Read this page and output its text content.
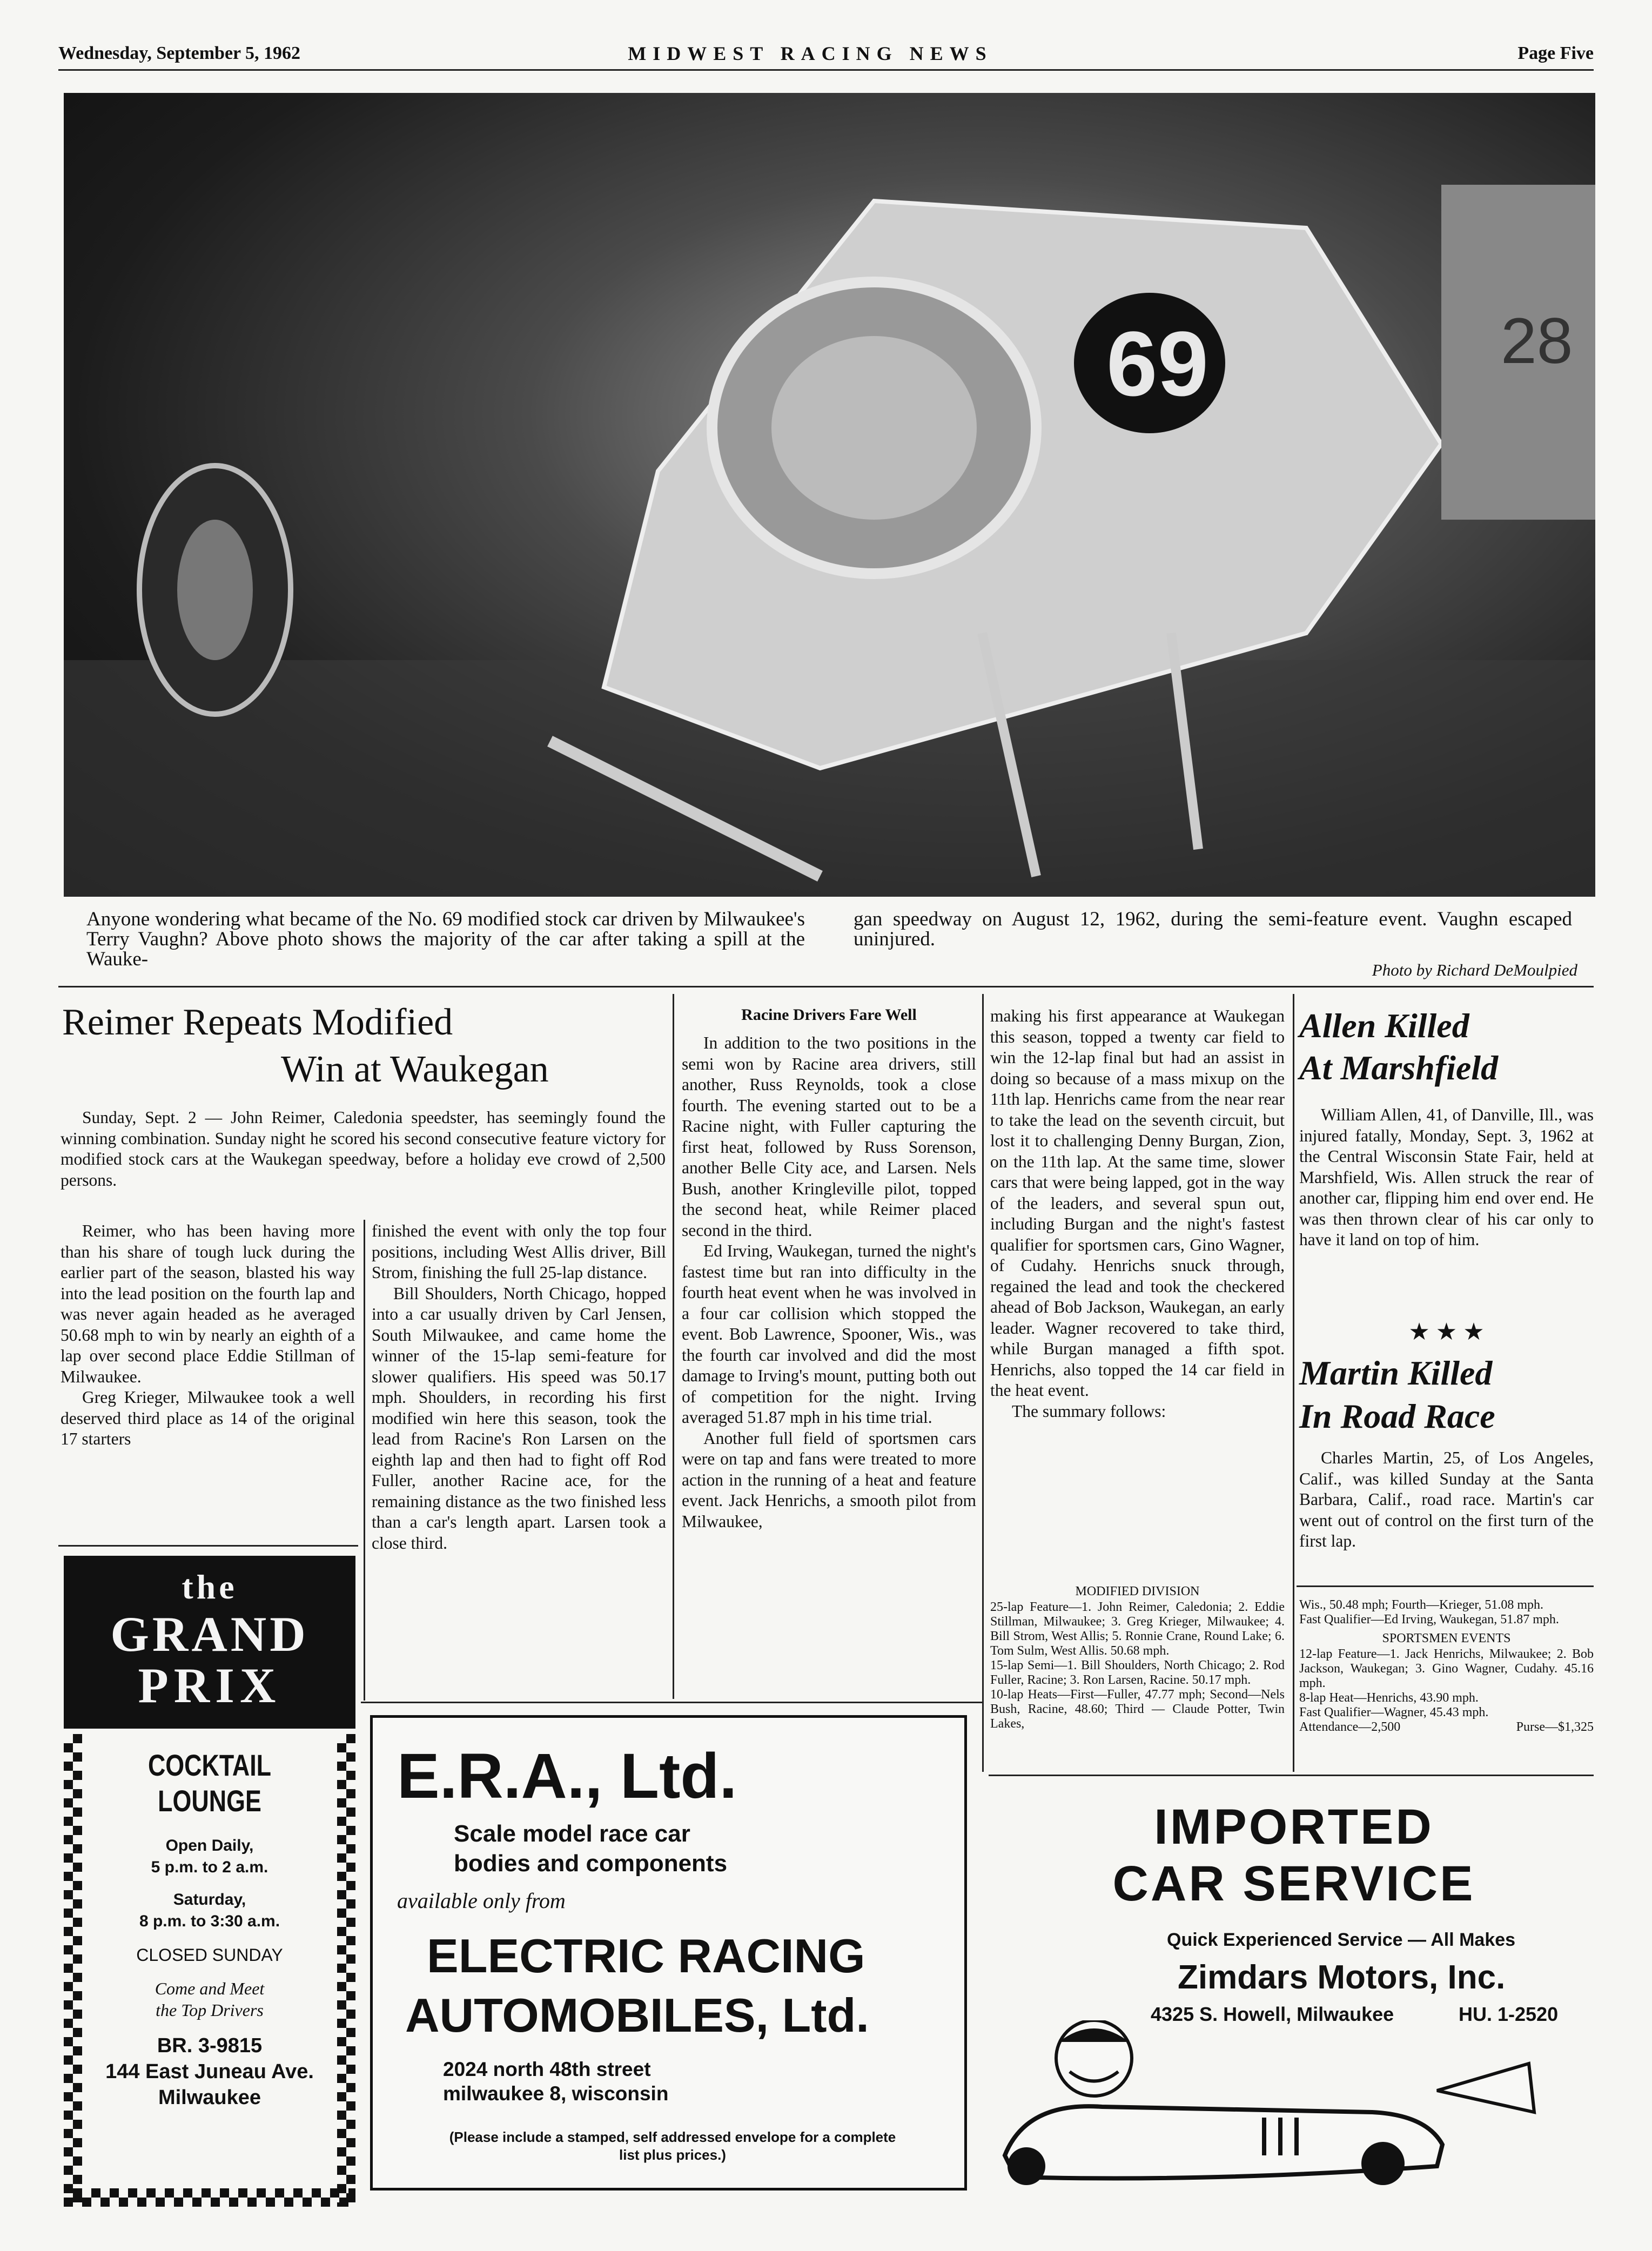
Wednesday, September 5, 1962	MIDWEST RACING NEWS	Page Five
69	28
Anyone wondering what became of the No. 69 modified stock car driven by Milwaukee's Terry Vaughn? Above photo shows the majority of the car after taking a spill at the Wauke-
gan speedway on August 12, 1962, during the semi-feature event. Vaughn escaped uninjured.
Photo by Richard DeMoulpied
Reimer Repeats Modified
Win at Waukegan

Sunday, Sept. 2 — John Reimer, Caledonia speedster, has seemingly found the winning combination. Sunday night he scored his second consecutive feature victory for modified stock cars at the Waukegan speedway, before a holiday eve crowd of 2,500 persons.

Reimer, who has been having more than his share of tough luck during the earlier part of the season, blasted his way into the lead position on the fourth lap and was never again headed as he averaged 50.68 mph to win by nearly an eighth of a lap over second place Eddie Stillman of Milwaukee.

Greg Krieger, Milwaukee took a well deserved third place as 14 of the original 17 starters

finished the event with only the top four positions, including West Allis driver, Bill Strom, finishing the full 25-lap distance.

Bill Shoulders, North Chicago, hopped into a car usually driven by Carl Jensen, South Milwaukee, and came home the winner of the 15-lap semi-feature for slower qualifiers. His speed was 50.17 mph. Shoulders, in recording his first modified win here this season, took the lead from Racine's Ron Larsen on the eighth lap and then had to fight off Rod Fuller, another Racine ace, for the remaining distance as the two finished less than a car's length apart. Larsen took a close third.

Racine Drivers Fare Well

In addition to the two positions in the semi won by Racine area drivers, still another, Russ Reynolds, took a close fourth. The evening started out to be a Racine night, with Fuller capturing the first heat, followed by Russ Sorenson, another Belle City ace, and Larsen. Nels Bush, another Kringleville pilot, topped the second heat, while Reimer placed second in the third.

Ed Irving, Waukegan, turned the night's fastest time but ran into difficulty in the fourth heat event when he was involved in a four car collision which stopped the event. Bob Lawrence, Spooner, Wis., was the fourth car involved and did the most damage to Irving's mount, putting both out of competition for the night. Irving averaged 51.87 mph in his time trial.

Another full field of sportsmen cars were on tap and fans were treated to more action in the running of a heat and feature event. Jack Henrichs, a smooth pilot from Milwaukee,

making his first appearance at Waukegan this season, topped a twenty car field to win the 12-lap final but had an assist in doing so because of a mass mixup on the 11th lap. Henrichs came from the near rear to take the lead on the seventh circuit, but lost it to challenging Denny Burgan, Zion, on the 11th lap. At the same time, slower cars that were being lapped, got in the way of the leaders, and several spun out, including Burgan and the night's fastest qualifier for sportsmen cars, Gino Wagner, of Cudahy. Henrichs snuck through, regained the lead and took the checkered ahead of Bob Jackson, Waukegan, an early leader. Wagner recovered to take third, while Burgan managed a fifth spot. Henrichs, also topped the 14 car field in the heat event.

The summary follows:

MODIFIED DIVISION

25-lap Feature—1. John Reimer, Caledonia; 2. Eddie Stillman, Milwaukee; 3. Greg Krieger, Milwaukee; 4. Bill Strom, West Allis; 5. Ronnie Crane, Round Lake; 6. Tom Sulm, West Allis. 50.68 mph.

15-lap Semi—1. Bill Shoulders, North Chicago; 2. Rod Fuller, Racine; 3. Ron Larsen, Racine. 50.17 mph.

10-lap Heats—First—Fuller, 47.77 mph; Second—Nels Bush, Racine, 48.60; Third — Claude Potter, Twin Lakes,

Allen Killed
At Marshfield

William Allen, 41, of Danville, Ill., was injured fatally, Monday, Sept. 3, 1962 at the Central Wisconsin State Fair, held at Marshfield, Wis. Allen struck the rear of another car, flipping him end over end. He was then thrown clear of his car only to have it land on top of him.

★ ★ ★
Martin Killed
In Road Race

Charles Martin, 25, of Los Angeles, Calif., was killed Sunday at the Santa Barbara, Calif., road race. Martin's car went out of control on the first turn of the first lap.

Wis., 50.48 mph; Fourth—Krieger, 51.08 mph.

Fast Qualifier—Ed Irving, Waukegan, 51.87 mph.

SPORTSMEN EVENTS

12-lap Feature—1. Jack Henrichs, Milwaukee; 2. Bob Jackson, Waukegan; 3. Gino Wagner, Cudahy. 45.16 mph.

8-lap Heat—Henrichs, 43.90 mph.

Fast Qualifier—Wagner, 45.43 mph.

Attendance—2,500	Purse—$1,325

the
GRAND
PRIX
COCKTAIL
LOUNGE
Open Daily,
5 p.m. to 2 a.m.
Saturday,
8 p.m. to 3:30 a.m.
CLOSED SUNDAY
Come and Meet
the Top Drivers
BR. 3-9815
144 East Juneau Ave.
Milwaukee
E.R.A., Ltd.
Scale model race car
bodies and components
available only from
ELECTRIC RACING
AUTOMOBILES, Ltd.
2024 north 48th street
milwaukee 8, wisconsin
(Please include a stamped, self addressed envelope for a complete list plus prices.)
IMPORTED
CAR SERVICE
Quick Experienced Service — All Makes
Zimdars Motors, Inc.
4325 S. Howell, Milwaukee	HU. 1-2520
